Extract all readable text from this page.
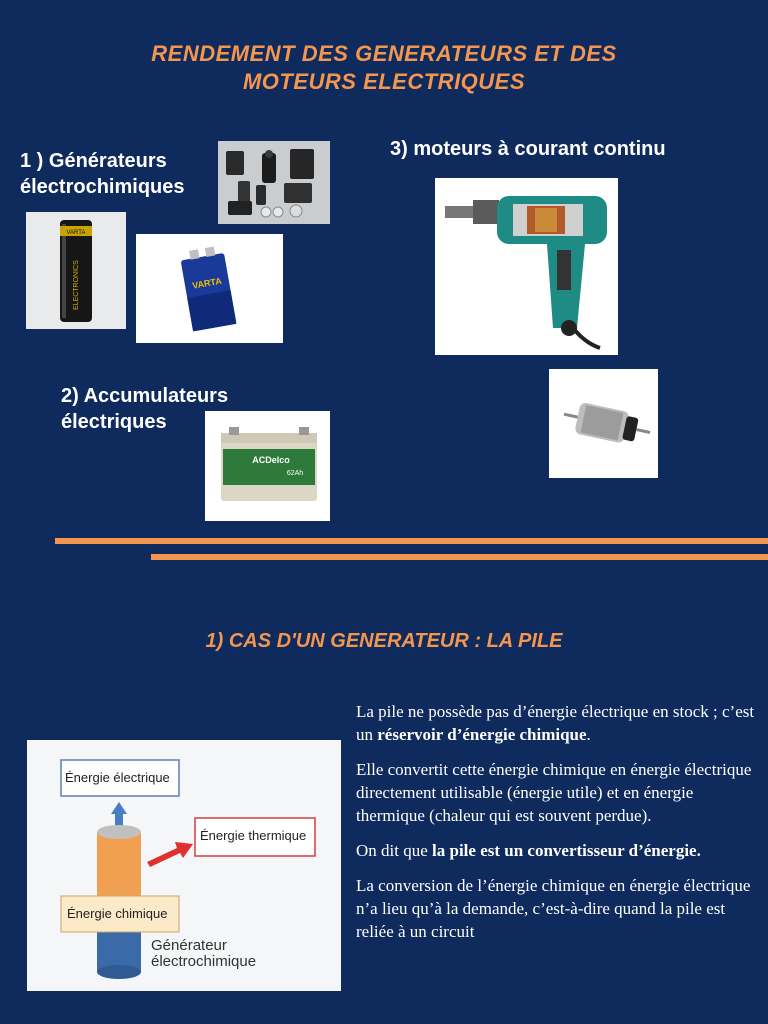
RENDEMENT DES GENERATEURS ET DES
MOTEURS ELECTRIQUES
1 ) Générateurs
électrochimiques
VARTA
ELECTRONICS	VARTA
3) moteurs à courant continu
2) Accumulateurs
électriques
ACDelco
62Ah
1) CAS D'UN GENERATEUR : LA PILE
Énergie électrique
Énergie thermique
Énergie chimique
Générateur
électrochimique

La pile ne possède pas d’énergie électrique en stock ; c’est un réservoir d’énergie chimique.

Elle convertit cette énergie chimique en énergie électrique directement utilisable (énergie utile) et en énergie thermique (chaleur qui est souvent perdue).

On dit que la pile est un convertisseur d’énergie.

La conversion de l’énergie chimique en énergie électrique n’a lieu qu’à la demande, c’est-à-dire quand la pile est reliée à un circuit
